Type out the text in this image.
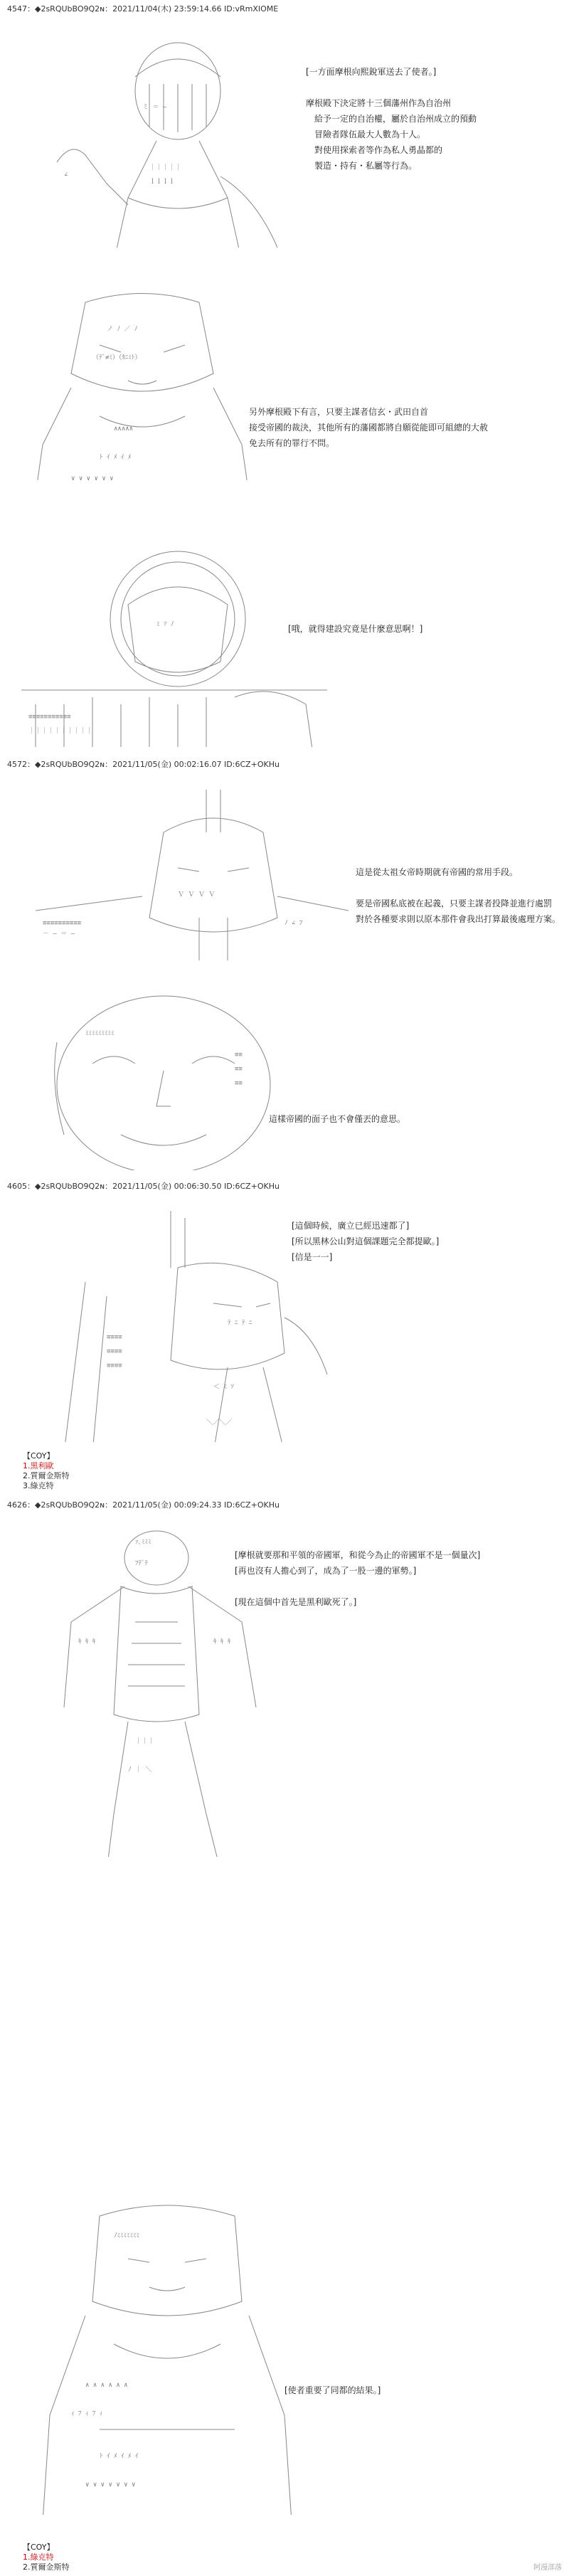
4547：◆2sRQUbBO9Q2ɴ：2021/11/04(木) 23:59:14.66 ID:vRmXIOME

ミ ＝ ―
｜｜｜｜｜
ｌｌｌｌ
∠

[一方面摩根向熙銳軍送去了使者。]

摩根殿下決定將十三個藩州作為自治州
給予一定的自治權，屬於自治州成立的預動
冒險者隊伍最大人數為十人。
對使用探索者等作為私人勇晶都的
製造・持有・私屬等行為。

ノ ﾉ ／ ﾉ
（ﾃﾞ≠ﾐ）（ｶﾆﾐﾄ）
∧∧∧∧∧
ﾄ ｲ ﾒ ｲ ﾒ
∨ ∨ ∨ ∨ ∨ ∨

另外摩根殿下有言，只要主謀者信玄・武田自首
接受帝國的裁決，其他所有的藩國都將自願從能即可組總的大赦
免去所有的罪行不問。

≡≡≡≡≡≡≡≡≡≡≡
｜｜｜｜｜｜｜｜｜｜
ﾐ ｿ ﾉ

	[哦，就得建設究竟是什麼意思啊！]
4572：◆2sRQUbBO9Q2ɴ：2021/11/05(金) 00:02:16.07 ID:6CZ+OKHu

≡≡≡≡≡≡≡≡≡≡
－ ― ＝ ―
Ｖ Ｖ Ｖ Ｖ
ﾉ ∠ ﾌ

這是從太祖女帝時期就有帝國的常用手段。

要是帝國私底被在起義，只要主謀者投降並進行處罰
對於各種要求則以原本那件會我出打算最後處理方案。

ﾐﾐﾐﾐﾐﾐﾐﾐﾐ
≡≡
≡≡
≡≡

這樣帝國的面子也不會僅丟的意思。
4605：◆2sRQUbBO9Q2ɴ：2021/11/05(金) 00:06:30.50 ID:6CZ+OKHu

≡≡≡≡
≡≡≡≡
≡≡≡≡
ﾃ ﾆ ﾃ ﾆ
＜ ﾐ ｿ
＼／＼／

[這個時候，廣立已經迅速都了]
[所以黑林公山對這個課題完全都提歐。]
[信是一一]
【COY】
1.黑利歐
2.質爾金斯特
3.綠克特
4626：◆2sRQUbBO9Q2ɴ：2021/11/05(金) 00:09:24.33 ID:6CZ+OKHu

ｧ､ﾐﾐﾐ
ﾌﾃﾞﾃ
ｷ ｷ ｷ	ｷ ｷ ｷ
｜｜｜
ﾉ ｜ ＼

[摩根就要那和平領的帝國軍，和從今為止的帝國軍不是一個量次]
[再也沒有人擔心到了，成為了一股一邊的軍勢。]

[現在這個中首先是黑利歐死了。]

ﾉﾐﾐﾐﾐﾐﾐﾐ
∧ ∧ ∧ ∧ ∧ ∧
ｨ ﾌ ｨ ﾌ ｨ
ﾄ ｲ ﾒ ｲ ﾒ ｲ
∨ ∨ ∨ ∨ ∨ ∨ ∨

[使者重要了同都的結果。]
【COY】
1.綠克特
2.質爾金斯特	阿漫部落
